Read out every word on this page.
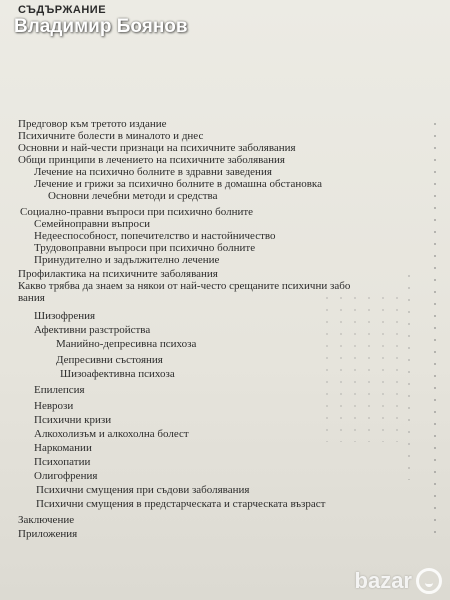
СЪДЪРЖАНИЕ
Владимир Боянов
Предговор към третото издание
Психичните болести в миналото и днес
Основни и най-чести признаци на психичните заболявания
Общи принципи в лечението на психичните заболявания
Лечение на психично болните в здравни заведения
Лечение и грижи за психично болните в домашна обстановка
Основни лечебни методи и средства
Социално-правни въпроси при психично болните
Семейноправни въпроси
Недееспособност, попечителство и настойничество
Трудовоправни въпроси при психично болните
Принудително и задължително лечение
Профилактика на психичните заболявания
Какво трябва да знаем за някои от най-често срещаните психични забо
вания
Шизофрения
Афективни разстройства
Манийно-депресивна психоза
Депресивни състояния
Шизоафективна психоза
Епилепсия
Неврози
Психични кризи
Алкохолизъм и алкохолна болест
Наркомании
Психопатии
Олигофрения
Психични смущения при съдови заболявания
Психични смущения в предстарческата и старческата възраст
Заключение
Приложения
bazar
